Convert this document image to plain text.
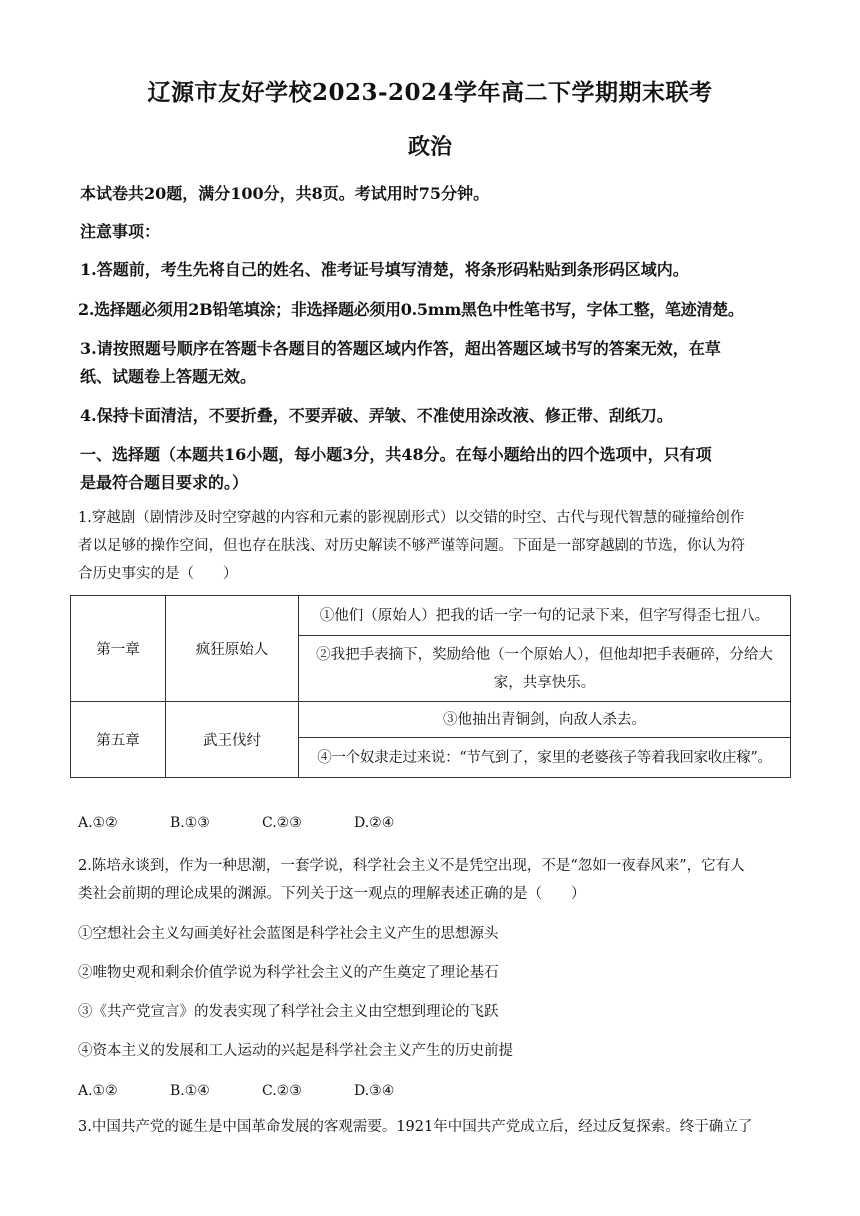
辽源市友好学校2023-2024学年高二下学期期末联考
政治
本试卷共20题，满分100分，共8页。考试用时75分钟。
注意事项：
1.答题前，考生先将自己的姓名、准考证号填写清楚，将条形码粘贴到条形码区域内。
2.选择题必须用2B铅笔填涂；非选择题必须用0.5mm黑色中性笔书写，字体工整，笔迹清楚。
3.请按照题号顺序在答题卡各题目的答题区域内作答，超出答题区域书写的答案无效，在草
纸、试题卷上答题无效。
4.保持卡面清洁，不要折叠，不要弄破、弄皱、不准使用涂改液、修正带、刮纸刀。
一、选择题（本题共16小题，每小题3分，共48分。在每小题给出的四个选项中，只有项
是最符合题目要求的。）
1.穿越剧（剧情涉及时空穿越的内容和元素的影视剧形式）以交错的时空、古代与现代智慧的碰撞给创作
者以足够的操作空间，但也存在肤浅、对历史解读不够严谨等问题。下面是一部穿越剧的节选，你认为符
合历史事实的是（　　）
第一章	疯狂原始人	①他们（原始人）把我的话一字一句的记录下来，但字写得歪七扭八。
		②我把手表摘下，奖励给他（一个原始人），但他却把手表砸碎，分给大
家，共享快乐。
第五章	武王伐纣	③他抽出青铜剑，向敌人杀去。
		④一个奴隶走过来说：“节气到了，家里的老婆孩子等着我回家收庄稼”。
A.①②	B.①③	C.②③	D.②④
2.陈培永谈到，作为一种思潮，一套学说，科学社会主义不是凭空出现，不是“忽如一夜春风来”，它有人
类社会前期的理论成果的渊源。下列关于这一观点的理解表述正确的是（　　）
①空想社会主义勾画美好社会蓝图是科学社会主义产生的思想源头
②唯物史观和剩余价值学说为科学社会主义的产生奠定了理论基石
③《共产党宣言》的发表实现了科学社会主义由空想到理论的飞跃
④资本主义的发展和工人运动的兴起是科学社会主义产生的历史前提
A.①②	B.①④	C.②③	D.③④
3.中国共产党的诞生是中国革命发展的客观需要。1921年中国共产党成立后，经过反复探索。终于确立了
